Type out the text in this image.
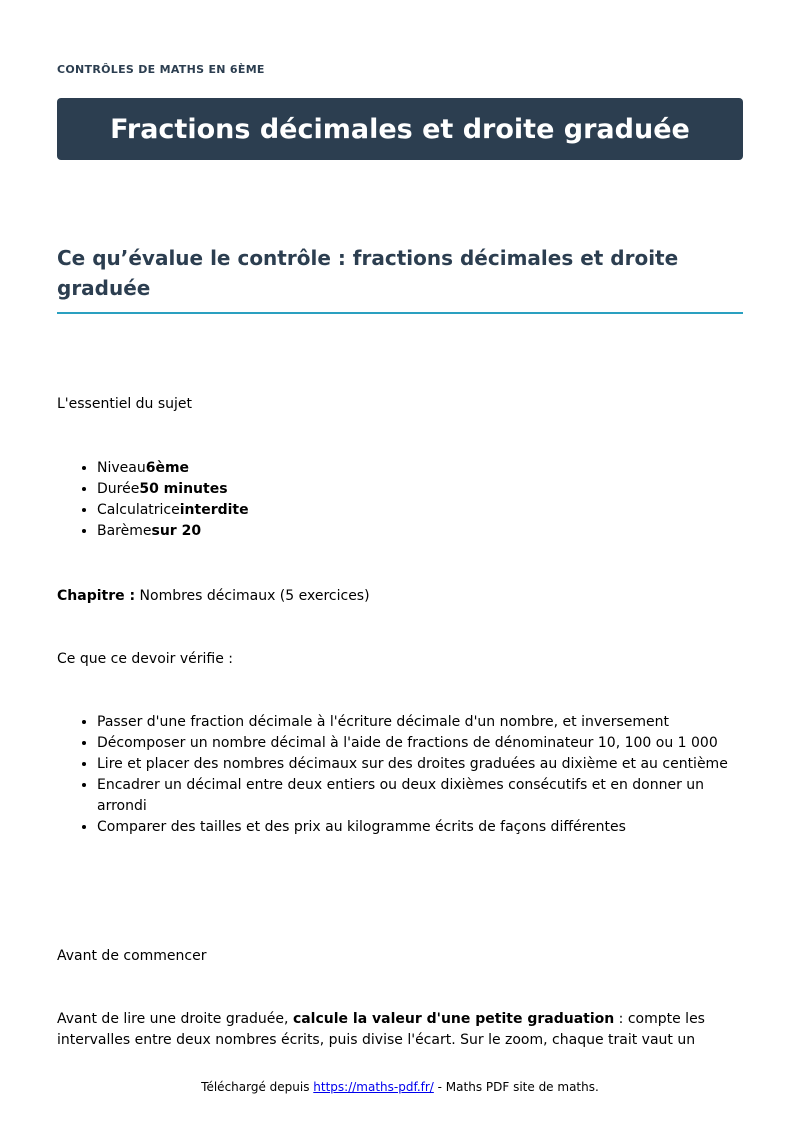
CONTRÔLES DE MATHS EN 6ÈME
Fractions décimales et droite graduée
Ce qu’évalue le contrôle : fractions décimales et droite graduée

L'essentiel du sujet

• Niveau6ème
• Durée50 minutes
• Calculatriceinterdite
• Barèmesur 20

Chapitre : Nombres décimaux (5 exercices)

Ce que ce devoir vérifie :

• Passer d'une fraction décimale à l'écriture décimale d'un nombre, et inversement
• Décomposer un nombre décimal à l'aide de fractions de dénominateur 10, 100 ou 1 000
• Lire et placer des nombres décimaux sur des droites graduées au dixième et au centième
• Encadrer un décimal entre deux entiers ou deux dixièmes consécutifs et en donner un arrondi
• Comparer des tailles et des prix au kilogramme écrits de façons différentes

Avant de commencer

Avant de lire une droite graduée, calcule la valeur d'une petite graduation : compte les intervalles entre deux nombres écrits, puis divise l'écart. Sur le zoom, chaque trait vaut un

Téléchargé depuis https://maths-pdf.fr/ - Maths PDF site de maths.
